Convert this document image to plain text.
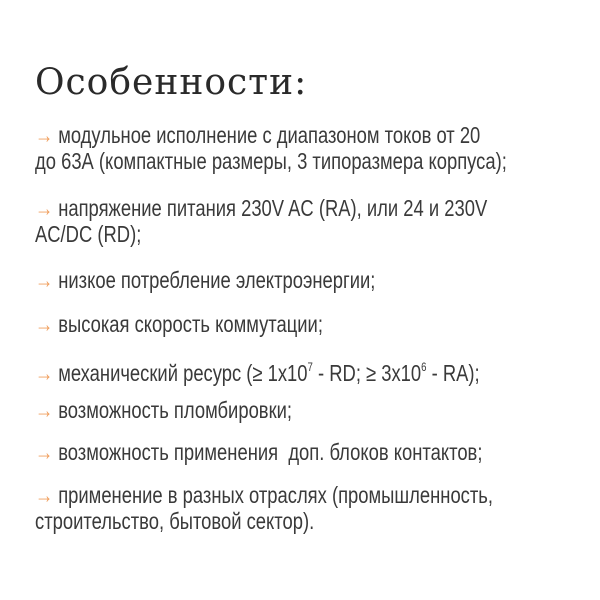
Особенности:
→ модульное исполнение с диапазоном токов от 20
до 63А (компактные размеры, 3 типоразмера корпуса);
→ напряжение питания 230V AC (RA), или 24 и 230V
AC/DC (RD);
→ низкое потребление электроэнергии;
→ высокая скорость коммутации;
→ механический ресурс (≥ $1x10^7$ - RD; ≥ $3x10^6 - RA$);
→ возможность пломбировки;
→ возможность применения  доп. блоков контактов;
→ применение в разных отраслях (промышленность,
строительство, бытовой сектор).
